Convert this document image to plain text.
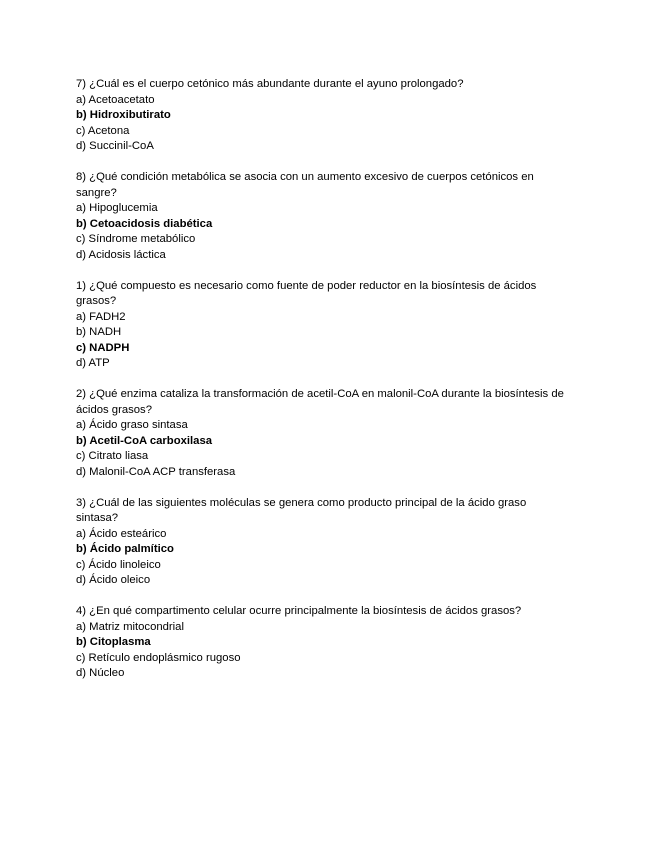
7) ¿Cuál es el cuerpo cetónico más abundante durante el ayuno prolongado?
a) Acetoacetato
b) Hidroxibutirato
c) Acetona
d) Succinil-CoA
8) ¿Qué condición metabólica se asocia con un aumento excesivo de cuerpos cetónicos en sangre?
a) Hipoglucemia
b) Cetoacidosis diabética
c) Síndrome metabólico
d) Acidosis láctica
1) ¿Qué compuesto es necesario como fuente de poder reductor en la biosíntesis de ácidos grasos?
a) FADH2
b) NADH
c) NADPH
d) ATP
2) ¿Qué enzima cataliza la transformación de acetil-CoA en malonil-CoA durante la biosíntesis de ácidos grasos?
a) Ácido graso sintasa
b) Acetil-CoA carboxilasa
c) Citrato liasa
d) Malonil-CoA ACP transferasa
3) ¿Cuál de las siguientes moléculas se genera como producto principal de la ácido graso sintasa?
a) Ácido esteárico
b) Ácido palmítico
c) Ácido linoleico
d) Ácido oleico
4) ¿En qué compartimento celular ocurre principalmente la biosíntesis de ácidos grasos?
a) Matriz mitocondrial
b) Citoplasma
c) Retículo endoplásmico rugoso
d) Núcleo
